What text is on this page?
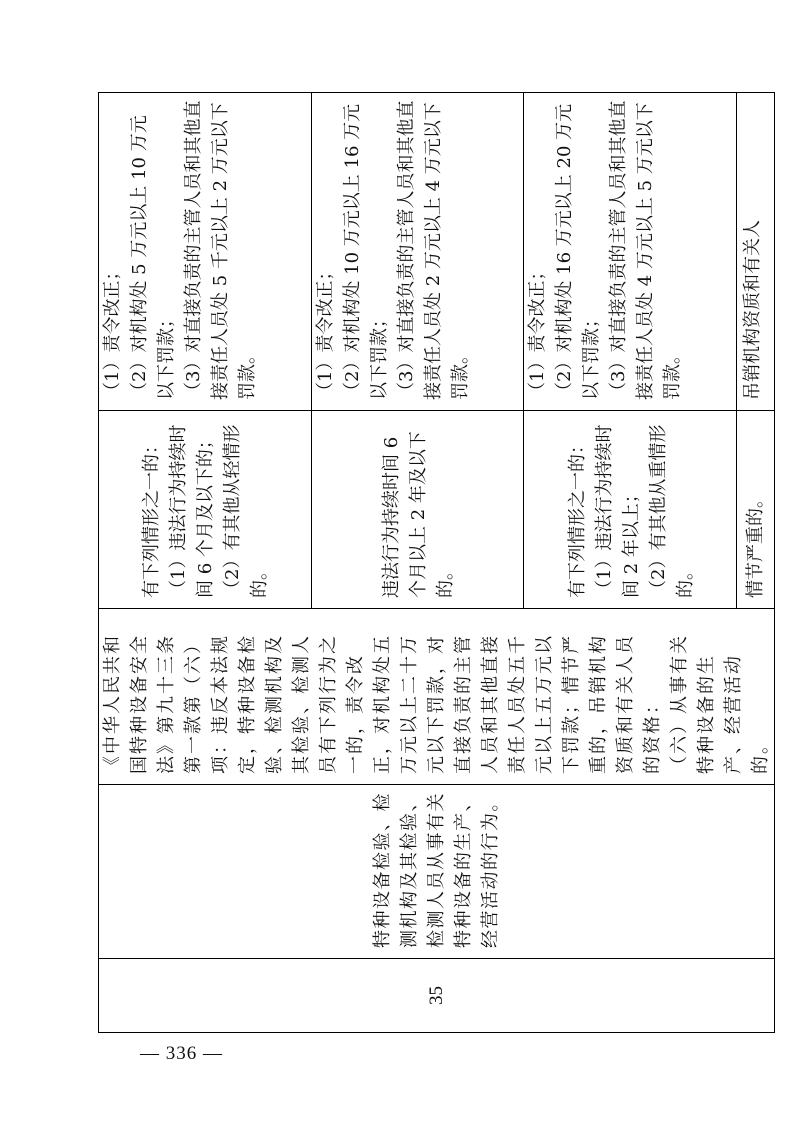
35	特种设备检验、检测机构及其检验、检测人员从事有关特种设备的生产、经营活动的行为。	《中华人民共和国特种设备安全法》第九十三条第一款第（六）项：违反本法规定，特种设备检验、检测机构及其检验、检测人员有下列行为之一的，责令改正，对机构处五万元以上二十万元以下罚款，对直接负责的主管人员和其他直接责任人员处五千元以上五万元以下罚款；情节严重的，吊销机构资质和有关人员的资格： （六）从事有关特种设备的生产、经营活动的。	有下列情形之一的： （1）违法行为持续时间 6 个月及以下的； （2）有其他从轻情形的。	（1）责令改正； （2）对机构处 5 万元以上 10 万元以下罚款； （3）对直接负责的主管人员和其他直接责任人员处 5 千元以上 2 万元以下罚款。

			违法行为持续时间 6 个月以上 2 年及以下的。	（1）责令改正； （2）对机构处 10 万元以上 16 万元以下罚款； （3）对直接负责的主管人员和其他直接责任人员处 2 万元以上 4 万元以下罚款。

			有下列情形之一的： （1）违法行为持续时间 2 年以上； （2）有其他从重情形的。	（1）责令改正； （2）对机构处 16 万元以上 20 万元以下罚款； （3）对直接负责的主管人员和其他直接责任人员处 4 万元以上 5 万元以下罚款。

			情节严重的。	吊销机构资质和有关人
— 336 —
